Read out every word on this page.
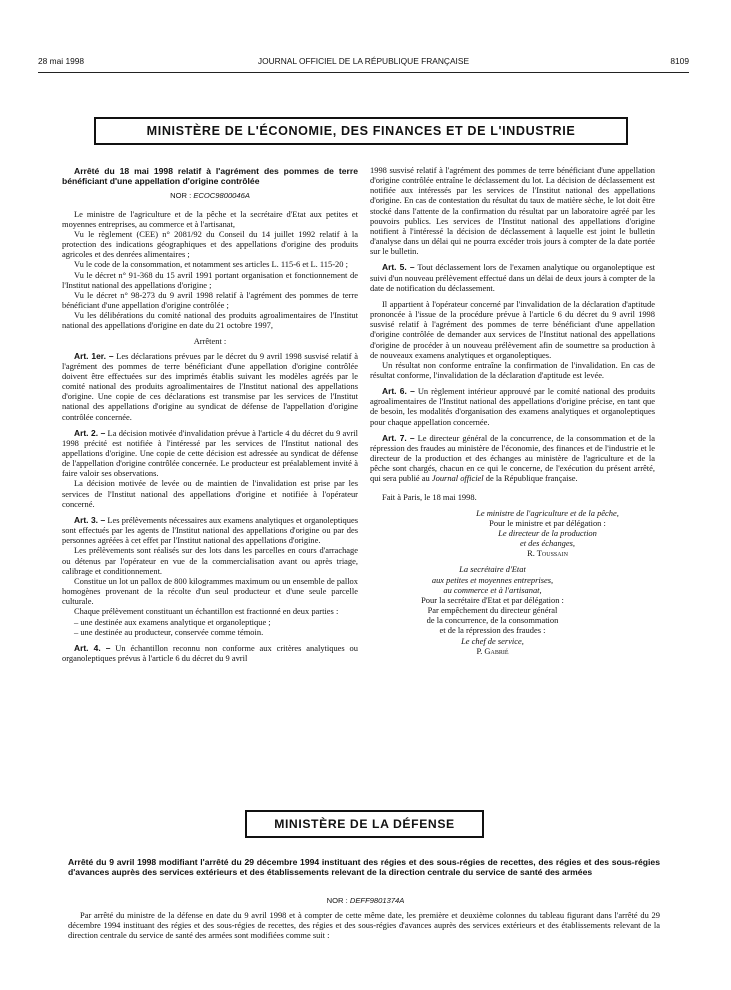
28 mai 1998	JOURNAL OFFICIEL DE LA RÉPUBLIQUE FRANÇAISE	8109
MINISTÈRE DE L'ÉCONOMIE, DES FINANCES ET DE L'INDUSTRIE
Arrêté du 18 mai 1998 relatif à l'agrément des pommes de terre bénéficiant d'une appellation d'origine contrôlée
NOR : ECOC9800046A

Le ministre de l'agriculture et de la pêche et la secrétaire d'Etat aux petites et moyennes entreprises, au commerce et à l'artisanat,

Vu le règlement (CEE) n° 2081/92 du Conseil du 14 juillet 1992 relatif à la protection des indications géographiques et des appellations d'origine des produits agricoles et des denrées alimentaires ;

Vu le code de la consommation, et notamment ses articles L. 115-6 et L. 115-20 ;

Vu le décret n° 91-368 du 15 avril 1991 portant organisation et fonctionnement de l'Institut national des appellations d'origine ;

Vu le décret n° 98-273 du 9 avril 1998 relatif à l'agrément des pommes de terre bénéficiant d'une appellation d'origine contrôlée ;

Vu les délibérations du comité national des produits agroalimentaires de l'Institut national des appellations d'origine en date du 21 octobre 1997,

Arrêtent :

Art. 1er. – Les déclarations prévues par le décret du 9 avril 1998 susvisé relatif à l'agrément des pommes de terre bénéficiant d'une appellation d'origine contrôlée doivent être effectuées sur des imprimés établis suivant les modèles agréés par le comité national des produits agroalimentaires de l'Institut national des appellations d'origine. Une copie de ces déclarations est transmise par les services de l'Institut national des appellations d'origine au syndicat de défense de l'appellation d'origine contrôlée concernée.

Art. 2. – La décision motivée d'invalidation prévue à l'article 4 du décret du 9 avril 1998 précité est notifiée à l'intéressé par les services de l'Institut national des appellations d'origine. Une copie de cette décision est adressée au syndicat de défense de l'appellation d'origine contrôlée concernée. Le producteur est préalablement invité à faire valoir ses observations.

La décision motivée de levée ou de maintien de l'invalidation est prise par les services de l'Institut national des appellations d'origine et notifiée à l'opérateur concerné.

Art. 3. – Les prélèvements nécessaires aux examens analytiques et organoleptiques sont effectués par les agents de l'Institut national des appellations d'origine ou par des personnes agréées à cet effet par l'Institut national des appellations d'origine.

Les prélèvements sont réalisés sur des lots dans les parcelles en cours d'arrachage ou détenus par l'opérateur en vue de la commercialisation avant ou après triage, calibrage et conditionnement.

Constitue un lot un pallox de 800 kilogrammes maximum ou un ensemble de pallox homogènes provenant de la récolte d'un seul producteur et d'une seule parcelle culturale.

Chaque prélèvement constituant un échantillon est fractionné en deux parties :

– une destinée aux examens analytique et organoleptique ;

– une destinée au producteur, conservée comme témoin.

Art. 4. – Un échantillon reconnu non conforme aux critères analytiques ou organoleptiques prévus à l'article 6 du décret du 9 avril

1998 susvisé relatif à l'agrément des pommes de terre bénéficiant d'une appellation d'origine contrôlée entraîne le déclassement du lot. La décision de déclassement est notifiée aux intéressés par les services de l'Institut national des appellations d'origine. En cas de contestation du résultat du taux de matière sèche, le lot doit être stocké dans l'attente de la confirmation du résultat par un laboratoire agréé par les pouvoirs publics. Les services de l'Institut national des appellations d'origine notifient à l'intéressé la décision de déclassement à laquelle est joint le bulletin d'analyse dans un délai qui ne pourra excéder trois jours à compter de la date portée sur le bulletin.

Art. 5. – Tout déclassement lors de l'examen analytique ou organoleptique est suivi d'un nouveau prélèvement effectué dans un délai de deux jours à compter de la date de notification du déclassement.

Il appartient à l'opérateur concerné par l'invalidation de la déclaration d'aptitude prononcée à l'issue de la procédure prévue à l'article 6 du décret du 9 avril 1998 susvisé relatif à l'agrément des pommes de terre bénéficiant d'une appellation d'origine contrôlée de demander aux services de l'Institut national des appellations d'origine de procéder à un nouveau prélèvement afin de soumettre sa production à de nouveaux examens analytiques et organoleptiques.

Un résultat non conforme entraîne la confirmation de l'invalidation. En cas de résultat conforme, l'invalidation de la déclaration d'aptitude est levée.

Art. 6. – Un règlement intérieur approuvé par le comité national des produits agroalimentaires de l'Institut national des appellations d'origine précise, en tant que de besoin, les modalités d'organisation des examens analytiques et organoleptiques pour chaque appellation concernée.

Art. 7. – Le directeur général de la concurrence, de la consommation et de la répression des fraudes au ministère de l'économie, des finances et de l'industrie et le directeur de la production et des échanges au ministère de l'agriculture et de la pêche sont chargés, chacun en ce qui le concerne, de l'exécution du présent arrêté, qui sera publié au Journal officiel de la République française.

Fait à Paris, le 18 mai 1998.

Le ministre de l'agriculture et de la pêche,
Pour le ministre et par délégation :
Le directeur de la production
et des échanges,
R. Toussain
La secrétaire d'Etat
aux petites et moyennes entreprises,
au commerce et à l'artisanat,
Pour la secrétaire d'Etat et par délégation :
Par empêchement du directeur général
de la concurrence, de la consommation
et de la répression des fraudes :
Le chef de service,
P. Gabrié
MINISTÈRE DE LA DÉFENSE
Arrêté du 9 avril 1998 modifiant l'arrêté du 29 décembre 1994 instituant des régies et des sous-régies de recettes, des régies et des sous-régies d'avances auprès des services extérieurs et des établissements relevant de la direction centrale du service de santé des armées
NOR : DEFF9801374A
Par arrêté du ministre de la défense en date du 9 avril 1998 et à compter de cette même date, les première et deuxième colonnes du tableau figurant dans l'arrêté du 29 décembre 1994 instituant des régies et des sous-régies de recettes, des régies et des sous-régies d'avances auprès des services extérieurs et des établissements relevant de la direction centrale du service de santé des armées sont modifiées comme suit :
